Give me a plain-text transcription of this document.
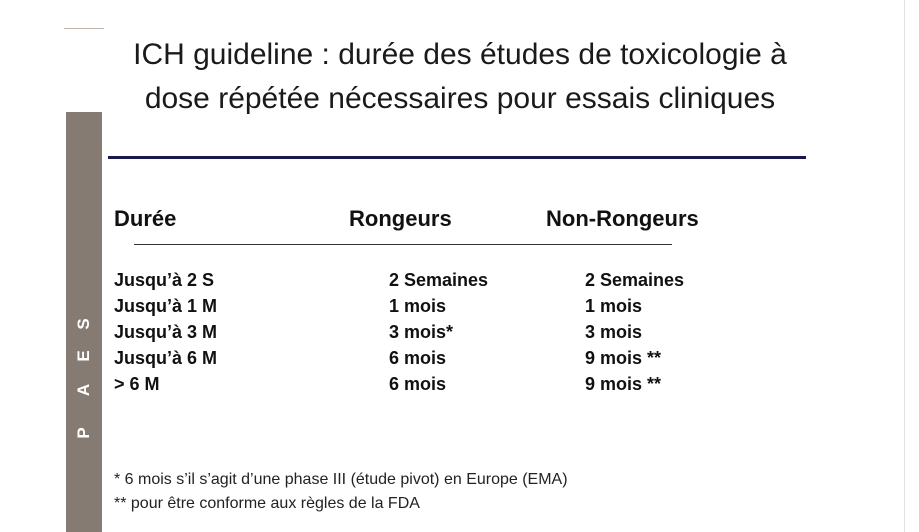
S
E
A
P
ICH guideline : durée des études de toxicologie à
dose répétée nécessaires pour essais cliniques
Durée	Rongeurs	Non-Rongeurs
Jusqu’à 2 S	2 Semaines	2 Semaines
Jusqu’à 1 M	1 mois	1 mois
Jusqu’à 3 M	3 mois*	3 mois
Jusqu’à 6 M	6 mois	9 mois **
> 6 M	6 mois	9 mois **
* 6 mois s’il s’agit d’une phase III (étude pivot) en Europe (EMA)
** pour être conforme aux règles de la FDA
